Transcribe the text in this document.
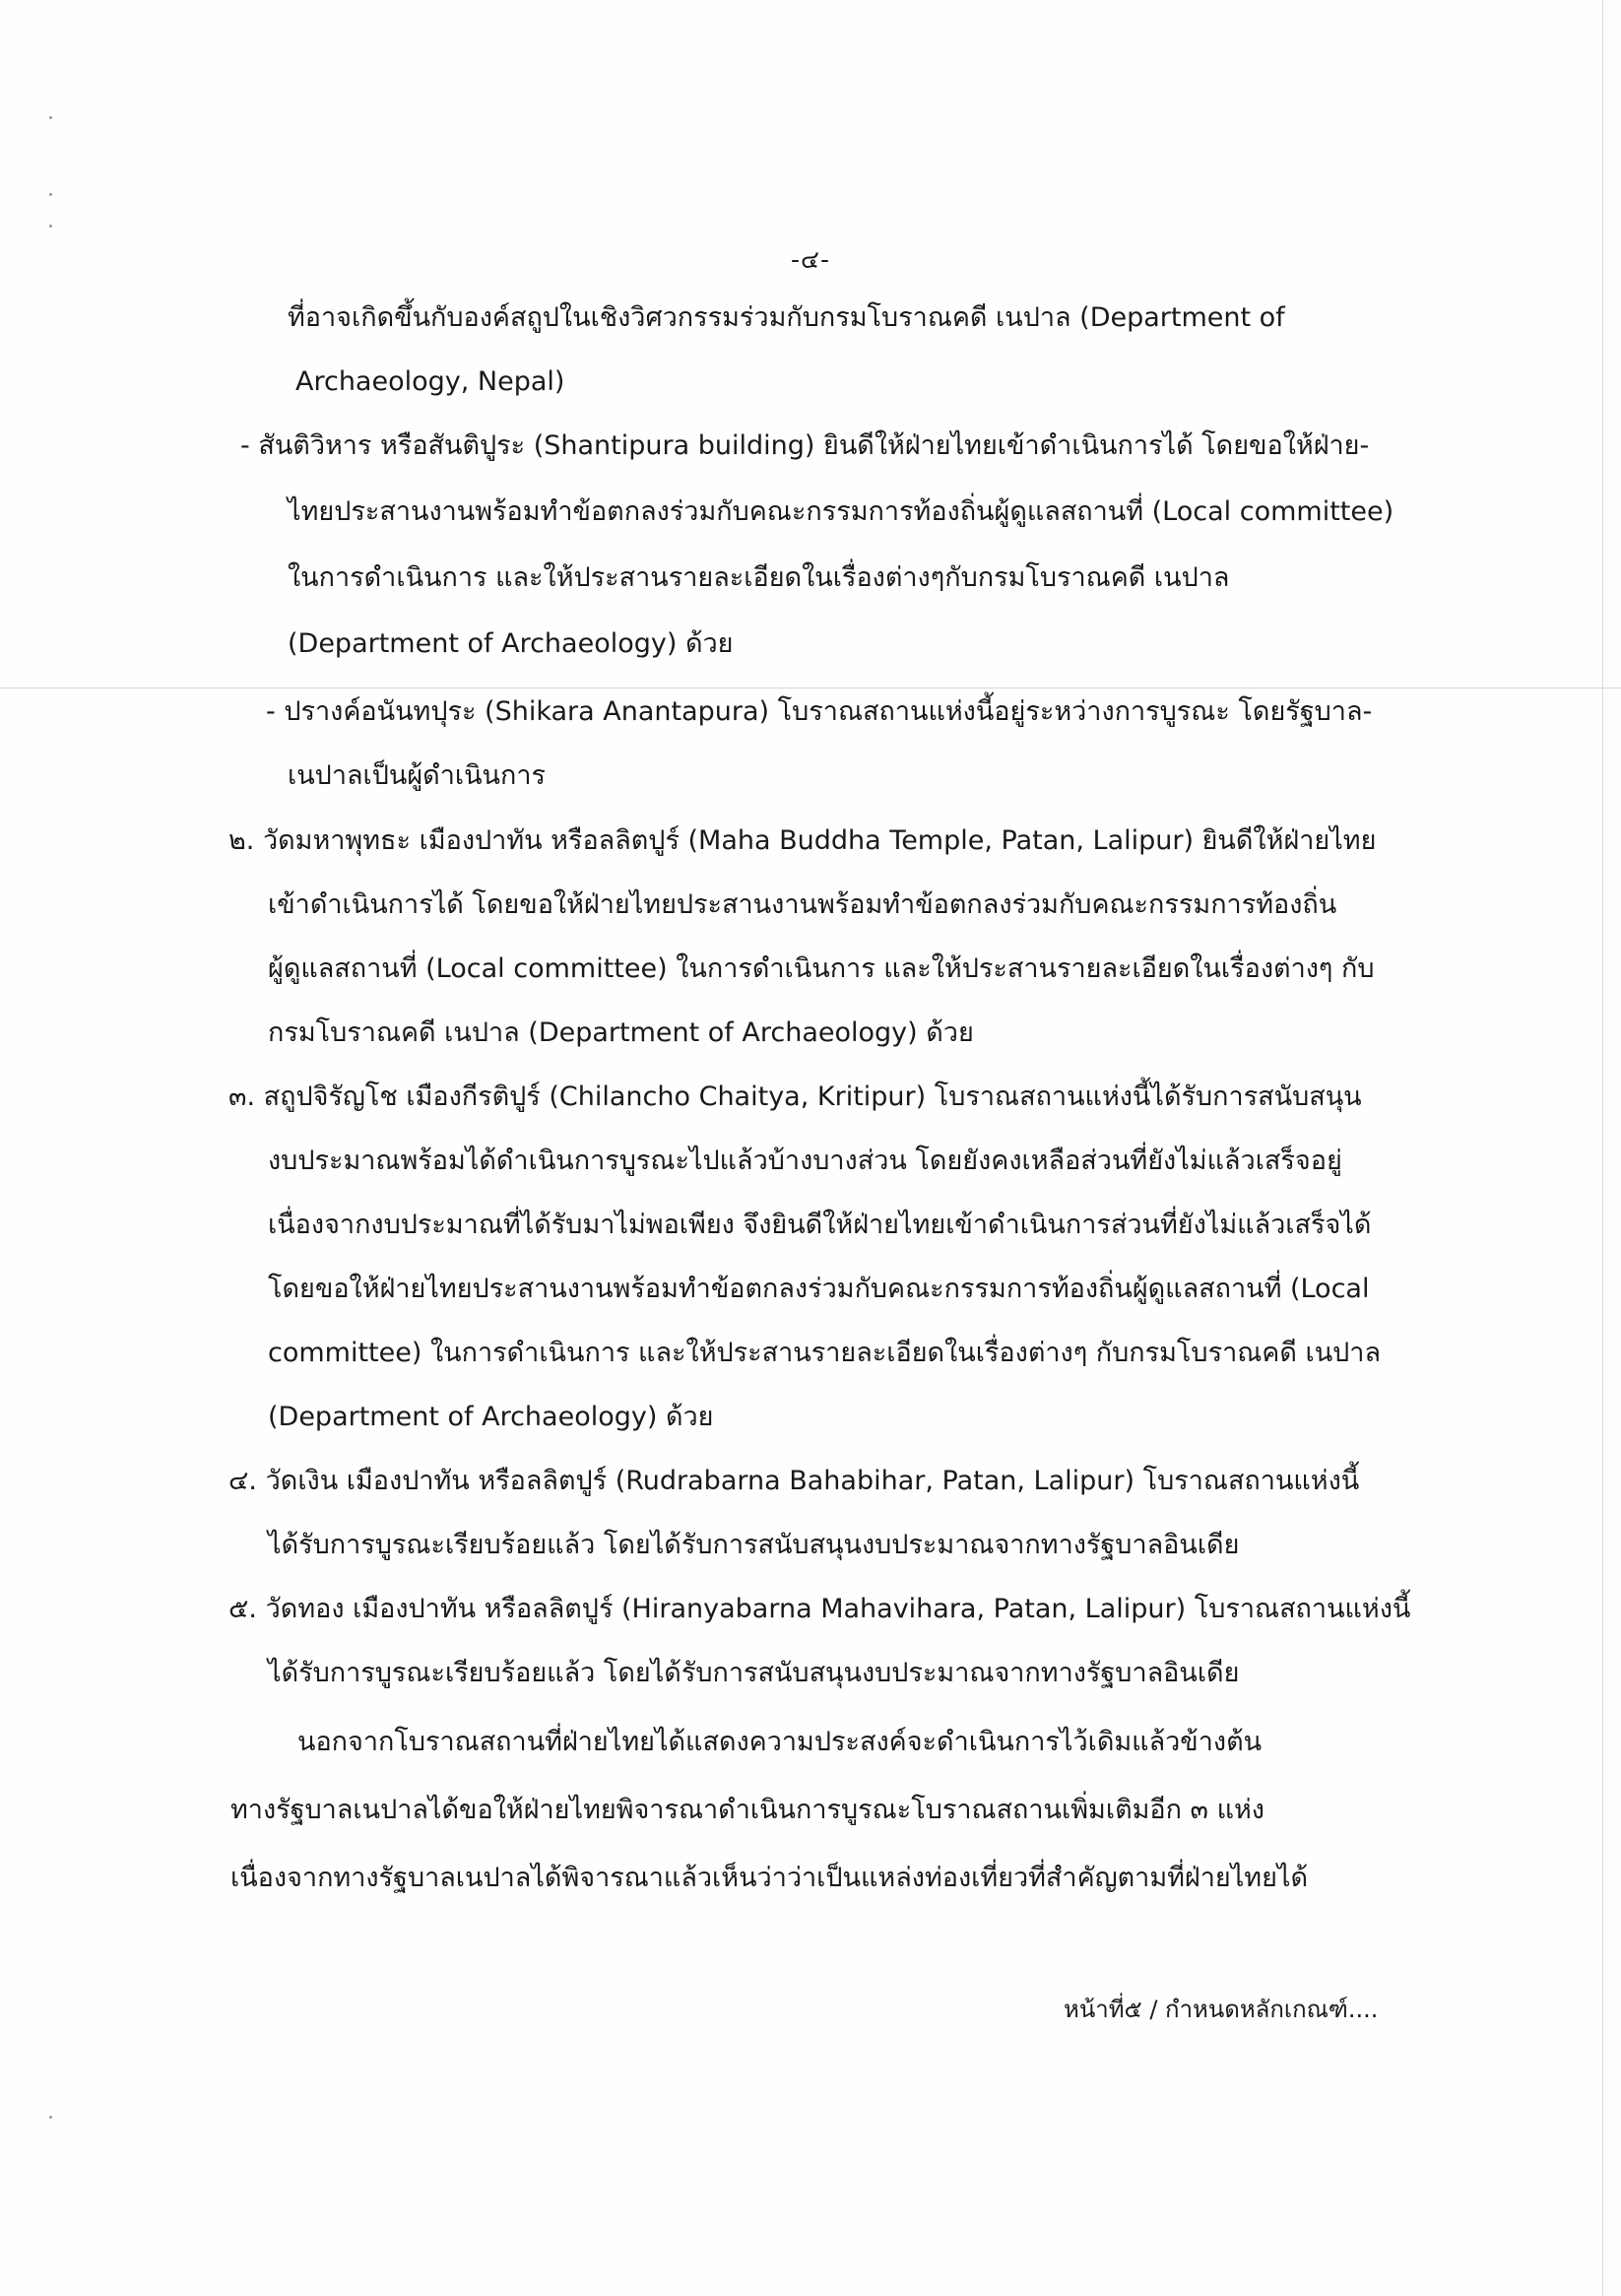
-๔-
ที่อาจเกิดขึ้นกับองค์สถูปในเชิงวิศวกรรมร่วมกับกรมโบราณคดี เนปาล (Department of
Archaeology, Nepal)
- สันติวิหาร หรือสันติปูระ (Shantipura building) ยินดีให้ฝ่ายไทยเข้าดำเนินการได้ โดยขอให้ฝ่าย-
ไทยประสานงานพร้อมทำข้อตกลงร่วมกับคณะกรรมการท้องถิ่นผู้ดูแลสถานที่ (Local committee)
ในการดำเนินการ และให้ประสานรายละเอียดในเรื่องต่างๆกับกรมโบราณคดี เนปาล
(Department of Archaeology) ด้วย
- ปรางค์อนันทปุระ (Shikara Anantapura) โบราณสถานแห่งนี้อยู่ระหว่างการบูรณะ โดยรัฐบาล-
เนปาลเป็นผู้ดำเนินการ
๒. วัดมหาพุทธะ เมืองปาทัน หรือลลิตปูร์ (Maha Buddha Temple, Patan, Lalipur) ยินดีให้ฝ่ายไทย
เข้าดำเนินการได้ โดยขอให้ฝ่ายไทยประสานงานพร้อมทำข้อตกลงร่วมกับคณะกรรมการท้องถิ่น
ผู้ดูแลสถานที่ (Local committee) ในการดำเนินการ และให้ประสานรายละเอียดในเรื่องต่างๆ กับ
กรมโบราณคดี เนปาล (Department of Archaeology) ด้วย
๓. สถูปจิรัญโช เมืองกีรติปูร์ (Chilancho Chaitya, Kritipur) โบราณสถานแห่งนี้ได้รับการสนับสนุน
งบประมาณพร้อมได้ดำเนินการบูรณะไปแล้วบ้างบางส่วน โดยยังคงเหลือส่วนที่ยังไม่แล้วเสร็จอยู่
เนื่องจากงบประมาณที่ได้รับมาไม่พอเพียง จึงยินดีให้ฝ่ายไทยเข้าดำเนินการส่วนที่ยังไม่แล้วเสร็จได้
โดยขอให้ฝ่ายไทยประสานงานพร้อมทำข้อตกลงร่วมกับคณะกรรมการท้องถิ่นผู้ดูแลสถานที่ (Local
committee) ในการดำเนินการ และให้ประสานรายละเอียดในเรื่องต่างๆ กับกรมโบราณคดี เนปาล
(Department of Archaeology) ด้วย
๔. วัดเงิน เมืองปาทัน หรือลลิตปูร์ (Rudrabarna Bahabihar, Patan, Lalipur) โบราณสถานแห่งนี้
ได้รับการบูรณะเรียบร้อยแล้ว โดยได้รับการสนับสนุนงบประมาณจากทางรัฐบาลอินเดีย
๕. วัดทอง เมืองปาทัน หรือลลิตปูร์ (Hiranyabarna Mahavihara, Patan, Lalipur) โบราณสถานแห่งนี้
ได้รับการบูรณะเรียบร้อยแล้ว โดยได้รับการสนับสนุนงบประมาณจากทางรัฐบาลอินเดีย
นอกจากโบราณสถานที่ฝ่ายไทยได้แสดงความประสงค์จะดำเนินการไว้เดิมแล้วข้างต้น
ทางรัฐบาลเนปาลได้ขอให้ฝ่ายไทยพิจารณาดำเนินการบูรณะโบราณสถานเพิ่มเติมอีก ๓ แห่ง
เนื่องจากทางรัฐบาลเนปาลได้พิจารณาแล้วเห็นว่าว่าเป็นแหล่งท่องเที่ยวที่สำคัญตามที่ฝ่ายไทยได้
หน้าที่๕ / กำหนดหลักเกณฑ์....
